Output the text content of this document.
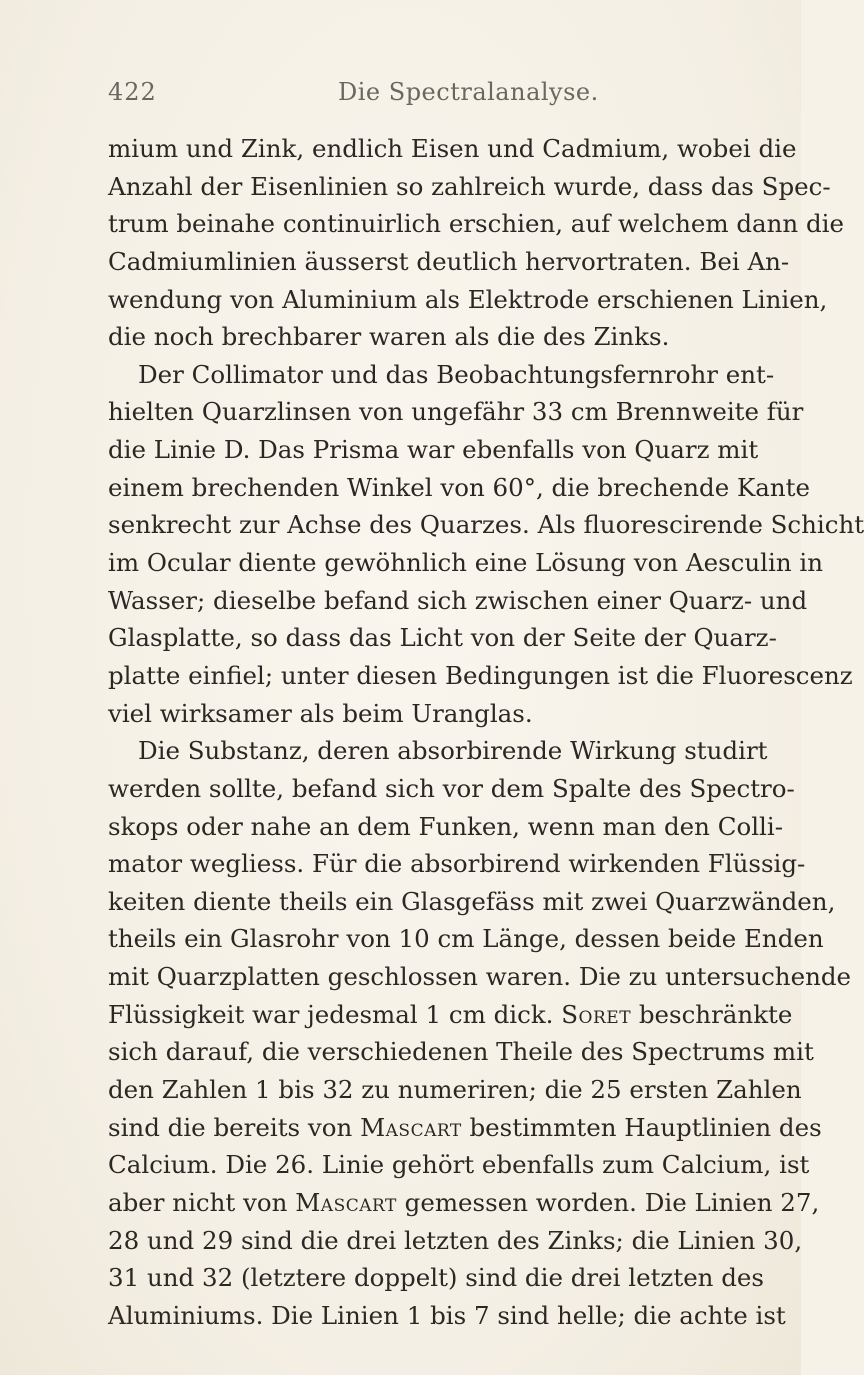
422	Die Spectralanalyse.
mium und Zink, endlich Eisen und Cadmium, wobei die
Anzahl der Eisenlinien so zahlreich wurde, dass das Spec-
trum beinahe continuirlich erschien, auf welchem dann die
Cadmiumlinien äusserst deutlich hervortraten. Bei An-
wendung von Aluminium als Elektrode erschienen Linien,
die noch brechbarer waren als die des Zinks.
Der Collimator und das Beobachtungsfernrohr ent-
hielten Quarzlinsen von ungefähr 33 cm Brennweite für
die Linie D. Das Prisma war ebenfalls von Quarz mit
einem brechenden Winkel von 60°, die brechende Kante
senkrecht zur Achse des Quarzes. Als fluorescirende Schicht
im Ocular diente gewöhnlich eine Lösung von Aesculin in
Wasser; dieselbe befand sich zwischen einer Quarz- und
Glasplatte, so dass das Licht von der Seite der Quarz-
platte einfiel; unter diesen Bedingungen ist die Fluorescenz
viel wirksamer als beim Uranglas.
Die Substanz, deren absorbirende Wirkung studirt
werden sollte, befand sich vor dem Spalte des Spectro-
skops oder nahe an dem Funken, wenn man den Colli-
mator wegliess. Für die absorbirend wirkenden Flüssig-
keiten diente theils ein Glasgefäss mit zwei Quarzwänden,
theils ein Glasrohr von 10 cm Länge, dessen beide Enden
mit Quarzplatten geschlossen waren. Die zu untersuchende
Flüssigkeit war jedesmal 1 cm dick. Soret beschränkte
sich darauf, die verschiedenen Theile des Spectrums mit
den Zahlen 1 bis 32 zu numeriren; die 25 ersten Zahlen
sind die bereits von Mascart bestimmten Hauptlinien des
Calcium. Die 26. Linie gehört ebenfalls zum Calcium, ist
aber nicht von Mascart gemessen worden. Die Linien 27,
28 und 29 sind die drei letzten des Zinks; die Linien 30,
31 und 32 (letztere doppelt) sind die drei letzten des
Aluminiums. Die Linien 1 bis 7 sind helle; die achte ist
